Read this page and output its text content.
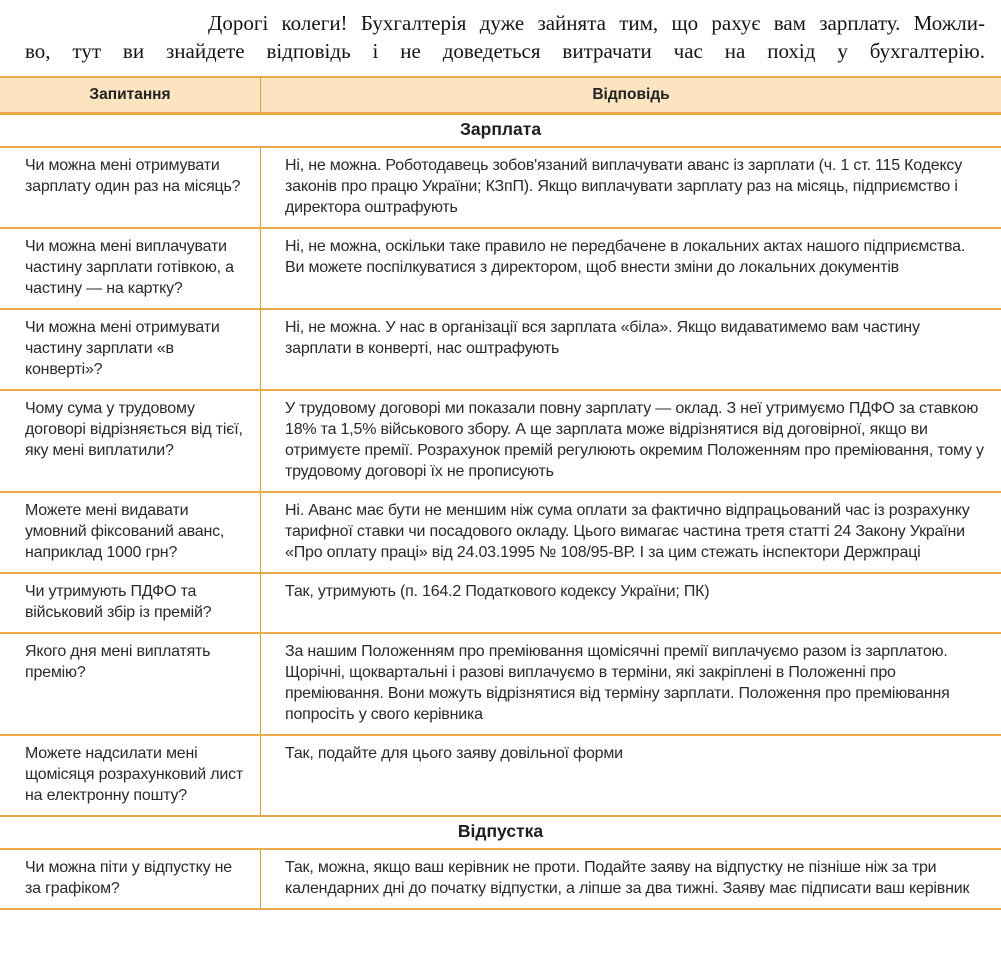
Дорогі колеги! Бухгалтерія дуже зайнята тим, що рахує вам зарплату. Можли-
во, тут ви знайдете відповідь і не доведеться витрачати час на похід у бухгалтерію.
Запитання	Відповідь
Зарплата
Чи можна мені отримувати зарплату один раз на місяць?
Ні, не можна. Роботодавець зобов'язаний виплачувати аванс із зарплати (ч. 1 ст. 115 Кодексу законів про працю України; КЗпП). Якщо виплачувати зарплату раз на місяць, підприємство і директора оштрафують
Чи можна мені виплачувати частину зарплати готівкою, а частину — на картку?
Ні, не можна, оскільки таке правило не передбачене в локальних актах нашого підприємства. Ви можете поспілкуватися з директором, щоб внести зміни до локальних документів
Чи можна мені отримувати частину зарплати «в конверті»?
Ні, не можна. У нас в організації вся зарплата «біла». Якщо видаватимемо вам частину зарплати в конверті, нас оштрафують
Чому сума у трудовому договорі відрізняється від тієї, яку мені виплатили?
У трудовому договорі ми показали повну зарплату — оклад. З неї утримуємо ПДФО за ставкою 18% та 1,5% військового збору. А ще зарплата може відрізнятися від договірної, якщо ви отримуєте премії. Розрахунок премій регулюють окремим Положенням про преміювання, тому у трудовому договорі їх не прописують
Можете мені видавати умовний фіксований аванс, наприклад 1000 грн?
Ні. Аванс має бути не меншим ніж сума оплати за фактично відпрацьований час із розрахунку тарифної ставки чи посадового окладу. Цього вимагає частина третя статті 24 Закону України «Про оплату праці» від 24.03.1995 № 108/95-ВР. І за цим стежать інспектори Держпраці
Чи утримують ПДФО та військовий збір із премій?
Так, утримують (п. 164.2 Податкового кодексу України; ПК)
Якого дня мені виплатять премію?
За нашим Положенням про преміювання щомісячні премії виплачуємо разом із зарплатою. Щорічні, щоквартальні і разові виплачуємо в терміни, які закріплені в Положенні про преміювання. Вони можуть відрізнятися від терміну зарплати. Положення про преміювання попросіть у свого керівника
Можете надсилати мені щомісяця розрахунковий лист на електронну пошту?
Так, подайте для цього заяву довільної форми
Відпустка
Чи можна піти у відпустку не за графіком?
Так, можна, якщо ваш керівник не проти. Подайте заяву на відпустку не пізніше ніж за три календарних дні до початку відпустки, а ліпше за два тижні. Заяву має підписати ваш керівник
